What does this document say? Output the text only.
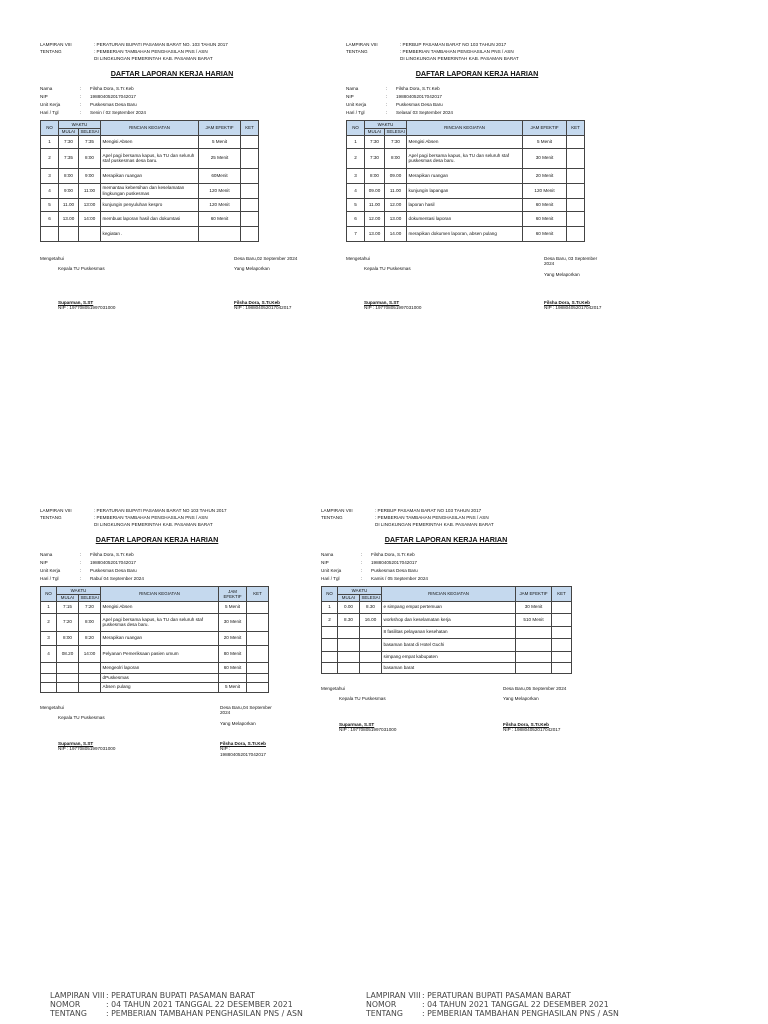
LAMPIRAN VIII	: PERATURAN BUPATI PASAMAN BARAT NO. 103 TAHUN 2017
TENTANG	: PEMBERIAN TAMBAHAN PENGHASILAN PNS / ASN
DI LINGKUNGAN PEMERINTAH KAB. PASAMAN BARAT
DAFTAR LAPORAN KERJA HARIAN
Nama	:	Filsha Dora, S.Tr.Keb
NIP	:	198804052017042017
Unit Kerja	:	Puskesmas Desa Baru
Hari / Tgl	:	Senin / 02 September 2024
NO	WAKTU		RINCIAN KEGIATAN	JAM EFEKTIF	KET
	MULAI	SELESAI			
1	7:30	7:35	Mengisi Absen	5 Menit	
2	7:35	8:00	Apel pagi bersama kapus, ka TU dan seluruh staf puskesmas desa baru.	25 Menit	
3	8:00	9:00	Merapikan ruangan	60Menit	
4	9:00	11:00	memantau kebersihan dan keselamatan lingkungan puskesmas	120 Menit	
5	11.00	13:00	kunjungin penyuluhan kespro	120 Menit	
6	13.00	14:00	membuat laporan hasil dan dokumtasi	60 Menit	
			kegiatan .		
Mengetahui
Kepala TU Puskesmas
Suparman, S.ST
NIP : 197708051997031000
Desa Baru,02 September 2024
Yang Melaporkan
Filsha Dora, S.Tr.Keb
NIP : 198804052017042017
LAMPIRAN VIII	: PERBUP PASAMAN BARAT NO 103 TAHUN 2017
TENTANG	: PEMBERIAN TAMBAHAN PENGHASILAN PNS / ASN
DI LINGKUNGAN PEMERINTAH KAB. PASAMAN BARAT
DAFTAR LAPORAN KERJA HARIAN
Nama	:	Filsha Dora, S.Tr.Keb
NIP	:	198804052017042017
Unit Kerja	:	Puskesmas Desa Baru
Hari / Tgl	:	Selasa/ 03 September 2024
NO	WAKTU		RINCIAN KEGIATAN	JAM EFEKTIF	KET
	MULAI	SELESAI			
1	7:30	7:30	Mengisi Absen	5 Menit	
2	7:30	8:00	Apel pagi bersama kapus, ka TU dan seluruh staf puskesmas desa baru.	30 Menit	
3	8:00	09.00	Merapikan ruangan	20 Menit	
4	09.00	11.00	kunjungin lapangan	120 Menit	
5	11.00	12.00	laporan hasil	60 Menit	
6	12.00	13.00	dokumentasi laporan	60 Menit	
7	13.00	14.00	merapikan dokumen laporan, absen pulang	60 Menit	
Mengetahui
Kepala TU Puskesmas
Suparman, S.ST
NIP : 197708051997031000
Desa Baru, 03 September 2024
Yang Melaporkan
Filsha Dora, S.Tr.Keb
NIP : 198804052017042017
LAMPIRAN VIII	: PERATURAN BUPATI PASAMAN BARAT NO 103 TAHUN 2017
TENTANG	: PEMBERIAN TAMBAHAN PENGHASILAN PNS / ASN
DI LINGKUNGAN PEMERINTAH KAB. PASAMAN BARAT
DAFTAR LAPORAN KERJA HARIAN
Nama	:	Filsha Dora, S.Tr.Keb
NIP	:	198804052017042017
Unit Kerja	:	Puskesmas Desa Baru
Hari / Tgl	:	Rabu/ 04 September 2024
NO	WAKTU		RINCIAN KEGIATAN	JAM EFEKTIF	KET
	MULAI	SELESAI			
1	7:15	7:20	Mengisi Absen	5 Menit	
2	7:20	8:00	Apel pagi bersama kapus, ka TU dan seluruh staf puskesmas desa baru.	30 Menit	
3	8:00	8:20	Merapikan ruangan	20 Menit	
4	08.20	14:00	Pelyanan Pemeriksaan pasien umum	80 Menit	
			Mengeolri laporan	60 Menit	
			dPuskesmas		
			Absen pulang	5 Menit	
Mengetahui
Kepala TU Puskesmas
Suparman, S.ST
NIP : 197708051997031000
Desa Baru,04 September 2024
Yang Melaporkan
Filsha Dora, S.Tr.Keb
NIP : 198804052017042017
LAMPIRAN VIII	: PERBUP PASAMAN BARAT NO 103 TAHUN 2017
TENTANG	: PEMBERIAN TAMBAHAN PENGHASILAN PNS / ASN
DI LINGKUNGAN PEMERINTAH KAB. PASAMAN BARAT
DAFTAR LAPORAN KERJA HARIAN
Nama	:	Filsha Dora, S.Tr.Keb
NIP	:	198804052017042017
Unit Kerja	:	Puskesmas Desa Baru
Hari / Tgl	:	Kamis / 05 September 2024
NO	WAKTU		RINCIAN KEGIATAN	JAM EFEKTIF	KET
	MULAI	SELESAI			
1	0.00	8.30	e simpang empat pertemuan	30 Menit	
2	8.30	16.00	workshop dan keselamatan kerja	510 Menit	
			8 fasilitas pelayanan kesehatan		
			basaman barat di Hotel Guchi		
			simpang empat kabupaten		
			basaman barat		
Mengetahui
Kepala TU Puskesmas
Suparman, S.ST
NIP : 197708051997031000
Desa Baru,05 September 2024
Yang Melaporkan
Filsha Dora, S.Tr.Keb
NIP : 198804052017042017
LAMPIRAN VIII : PERATURAN BUPATI PASAMAN BARAT
NOMOR	: 04 TAHUN 2021 TANGGAL 22 DESEMBER 2021
TENTANG	: PEMBERIAN TAMBAHAN PENGHASILAN PNS / ASN
LAMPIRAN VIII : PERATURAN BUPATI PASAMAN BARAT
NOMOR	: 04 TAHUN 2021 TANGGAL 22 DESEMBER 2021
TENTANG	: PEMBERIAN TAMBAHAN PENGHASILAN PNS / ASN
